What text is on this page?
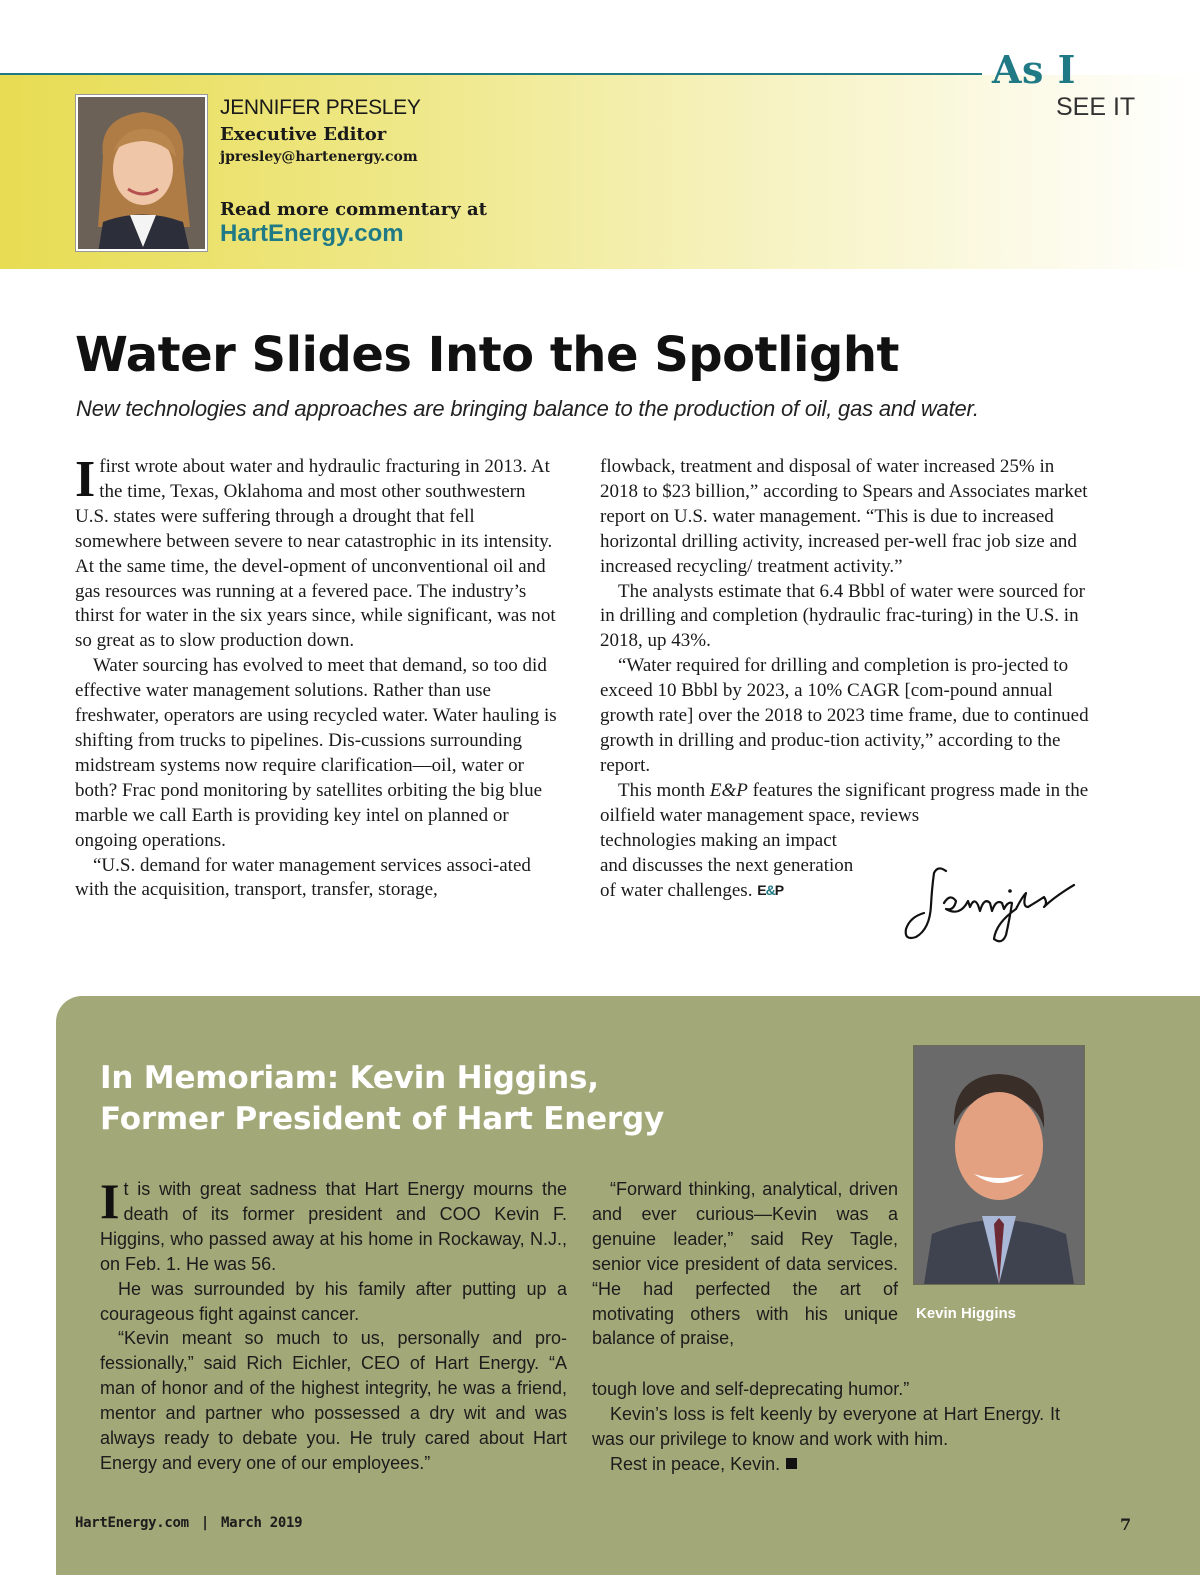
As I
SEE IT
JENNIFER PRESLEY
Executive Editor
jpresley@hartenergy.com
Read more commentary at
HartEnergy.com
Water Slides Into the Spotlight
New technologies and approaches are bringing balance to the production of oil, gas and water.

I first wrote about water and hydraulic fracturing in 2013. At the time, Texas, Oklahoma and most other southwestern U.S. states were suffering through a drought that fell somewhere between severe to near catastrophic in its intensity. At the same time, the devel-opment of unconventional oil and gas resources was running at a fevered pace. The industry’s thirst for water in the six years since, while significant, was not so great as to slow production down.

Water sourcing has evolved to meet that demand, so too did effective water management solutions. Rather than use freshwater, operators are using recycled water. Water hauling is shifting from trucks to pipelines. Dis-cussions surrounding midstream systems now require clarification—oil, water or both? Frac pond monitoring by satellites orbiting the big blue marble we call Earth is providing key intel on planned or ongoing operations.

“U.S. demand for water management services associ-ated with the acquisition, transport, transfer, storage,

flowback, treatment and disposal of water increased 25% in 2018 to $23 billion,” according to Spears and Associates market report on U.S. water management. “This is due to increased horizontal drilling activity, increased per-well frac job size and increased recycling/ treatment activity.”

The analysts estimate that 6.4 Bbbl of water were sourced for in drilling and completion (hydraulic frac-turing) in the U.S. in 2018, up 43%.

“Water required for drilling and completion is pro-jected to exceed 10 Bbbl by 2023, a 10% CAGR [com-pound annual growth rate] over the 2018 to 2023 time frame, due to continued growth in drilling and produc-tion activity,” according to the report.

This month E&P features the significant progress made in the oilfield water management space, reviews

technologies making an impact

and discusses the next generation

of water challenges. E&P

In Memoriam: Kevin Higgins,
Former President of Hart Energy
Kevin Higgins

It is with great sadness that Hart Energy mourns the death of its former president and COO Kevin F. Higgins, who passed away at his home in Rockaway, N.J., on Feb. 1. He was 56.

He was surrounded by his family after putting up a courageous fight against cancer.

“Kevin meant so much to us, personally and pro-fessionally,” said Rich Eichler, CEO of Hart Energy. “A man of honor and of the highest integrity, he was a friend, mentor and partner who possessed a dry wit and was always ready to debate you. He truly cared about Hart Energy and every one of our employees.”

“Forward thinking, analytical, driven and ever curious—Kevin was a genuine leader,” said Rey Tagle, senior vice president of data services. “He had perfected the art of motivating others with his unique balance of praise,

tough love and self-deprecating humor.”

Kevin’s loss is felt keenly by everyone at Hart Energy. It was our privilege to know and work with him.

Rest in peace, Kevin.

HartEnergy.com | March 2019	7
